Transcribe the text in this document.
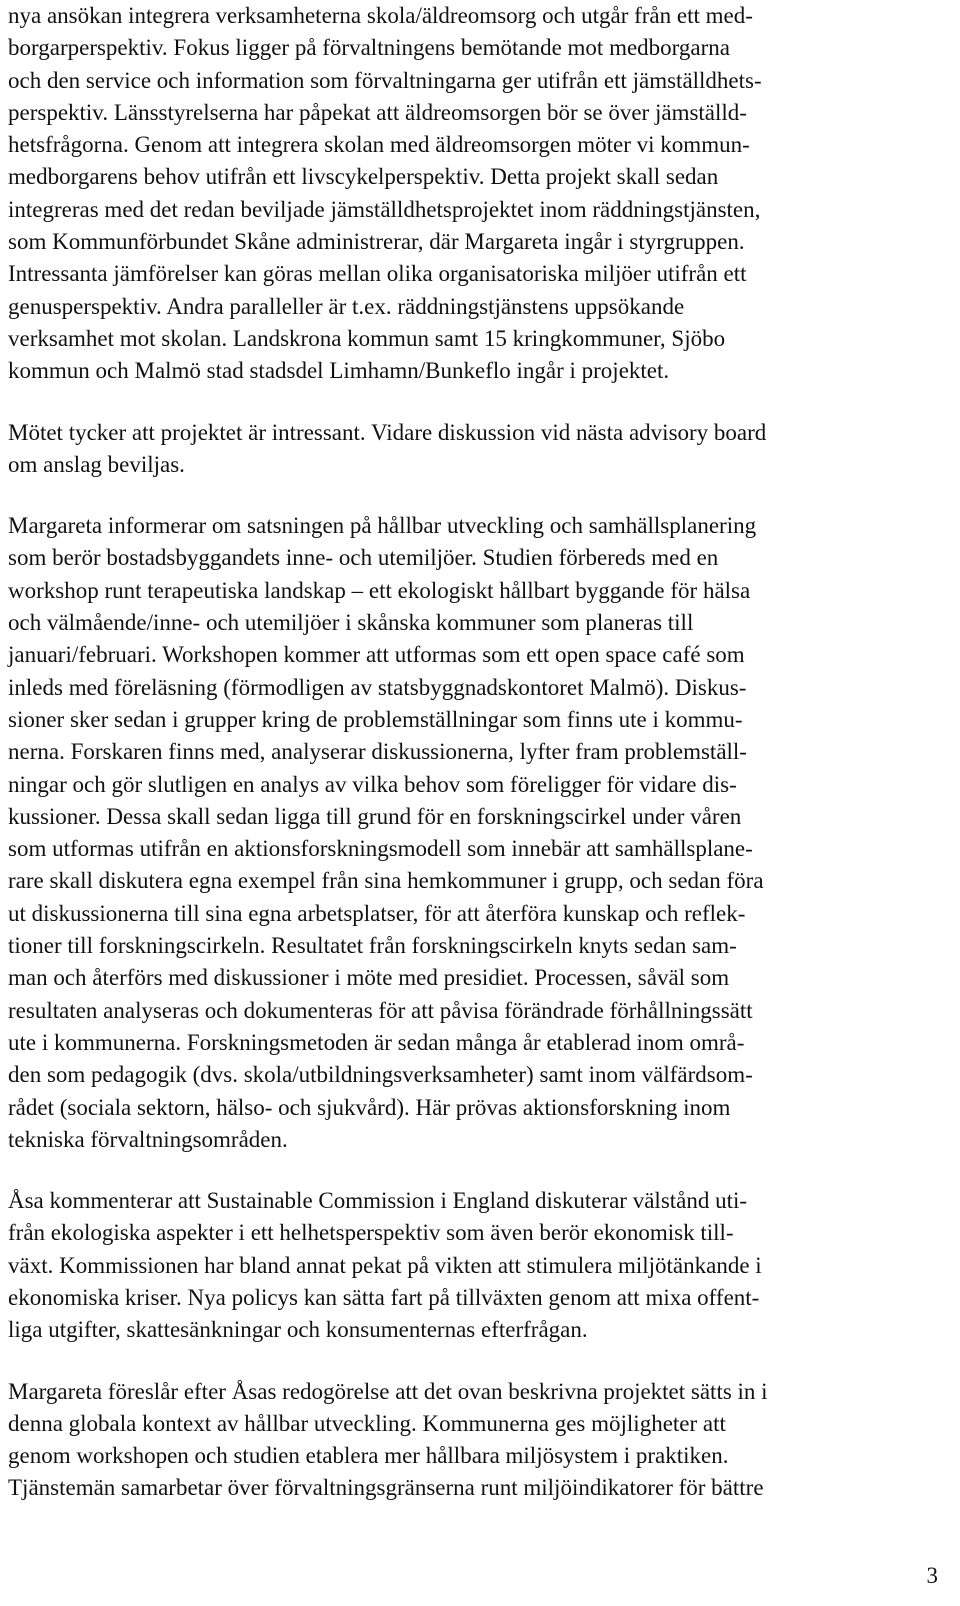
nya ansökan integrera verksamheterna skola/äldreomsorg och utgår från ett med-
borgarperspektiv. Fokus ligger på förvaltningens bemötande mot medborgarna
och den service och information som förvaltningarna ger utifrån ett jämställdhets-
perspektiv. Länsstyrelserna har påpekat att äldreomsorgen bör se över jämställd-
hetsfrågorna. Genom att integrera skolan med äldreomsorgen möter vi kommun-
medborgarens behov utifrån ett livscykelperspektiv. Detta projekt skall sedan
integreras med det redan beviljade jämställdhetsprojektet inom räddningstjänsten,
som Kommunförbundet Skåne administrerar, där Margareta ingår i styrgruppen.
Intressanta jämförelser kan göras mellan olika organisatoriska miljöer utifrån ett
genusperspektiv. Andra paralleller är t.ex. räddningstjänstens uppsökande
verksamhet mot skolan. Landskrona kommun samt 15 kringkommuner, Sjöbo
kommun och Malmö stad stadsdel Limhamn/Bunkeflo ingår i projektet.
Mötet tycker att projektet är intressant. Vidare diskussion vid nästa advisory board
om anslag beviljas.
Margareta informerar om satsningen på hållbar utveckling och samhällsplanering
som berör bostadsbyggandets inne- och utemiljöer. Studien förbereds med en
workshop runt terapeutiska landskap – ett ekologiskt hållbart byggande för hälsa
och välmående/inne- och utemiljöer i skånska kommuner som planeras till
januari/februari. Workshopen kommer att utformas som ett open space café som
inleds med föreläsning (förmodligen av statsbyggnadskontoret Malmö). Diskus-
sioner sker sedan i grupper kring de problemställningar som finns ute i kommu-
nerna. Forskaren finns med, analyserar diskussionerna, lyfter fram problemställ-
ningar och gör slutligen en analys av vilka behov som föreligger för vidare dis-
kussioner. Dessa skall sedan ligga till grund för en forskningscirkel under våren
som utformas utifrån en aktionsforskningsmodell som innebär att samhällsplane-
rare skall diskutera egna exempel från sina hemkommuner i grupp, och sedan föra
ut diskussionerna till sina egna arbetsplatser, för att återföra kunskap och reflek-
tioner till forskningscirkeln. Resultatet från forskningscirkeln knyts sedan sam-
man och återförs med diskussioner i möte med presidiet. Processen, såväl som
resultaten analyseras och dokumenteras för att påvisa förändrade förhållningssätt
ute i kommunerna. Forskningsmetoden är sedan många år etablerad inom områ-
den som pedagogik (dvs. skola/utbildningsverksamheter) samt inom välfärdsom-
rådet (sociala sektorn, hälso- och sjukvård). Här prövas aktionsforskning inom
tekniska förvaltningsområden.
Åsa kommenterar att Sustainable Commission i England diskuterar välstånd uti-
från ekologiska aspekter i ett helhetsperspektiv som även berör ekonomisk till-
växt. Kommissionen har bland annat pekat på vikten att stimulera miljötänkande i
ekonomiska kriser. Nya policys kan sätta fart på tillväxten genom att mixa offent-
liga utgifter, skattesänkningar och konsumenternas efterfrågan.
Margareta föreslår efter Åsas redogörelse att det ovan beskrivna projektet sätts in i
denna globala kontext av hållbar utveckling. Kommunerna ges möjligheter att
genom workshopen och studien etablera mer hållbara miljösystem i praktiken.
Tjänstemän samarbetar över förvaltningsgränserna runt miljöindikatorer för bättre
3
